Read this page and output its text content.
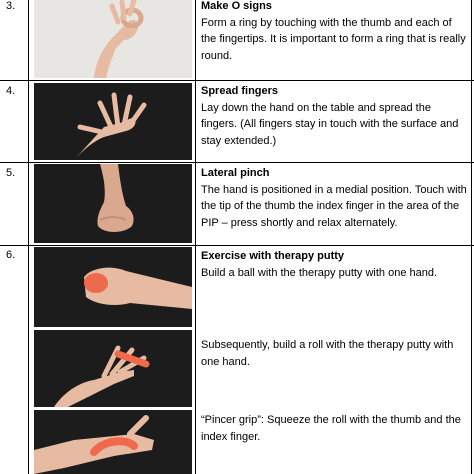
3.	Make O signs
Form a ring by touching with the thumb and each of the fingertips. It is important to form a ring that is really round.
4.	Spread fingers
Lay down the hand on the table and spread the fingers. (All fingers stay in touch with the surface and stay extended.)
5.	Lateral pinch
The hand is positioned in a medial position. Touch with the tip of the thumb the index finger in the area of the PIP – press shortly and relax alternately.
6.	Exercise with therapy putty
Build a ball with the therapy putty with one hand.
Subsequently, build a roll with the therapy putty with one hand.
“Pincer grip”: Squeeze the roll with the thumb and the index finger.
